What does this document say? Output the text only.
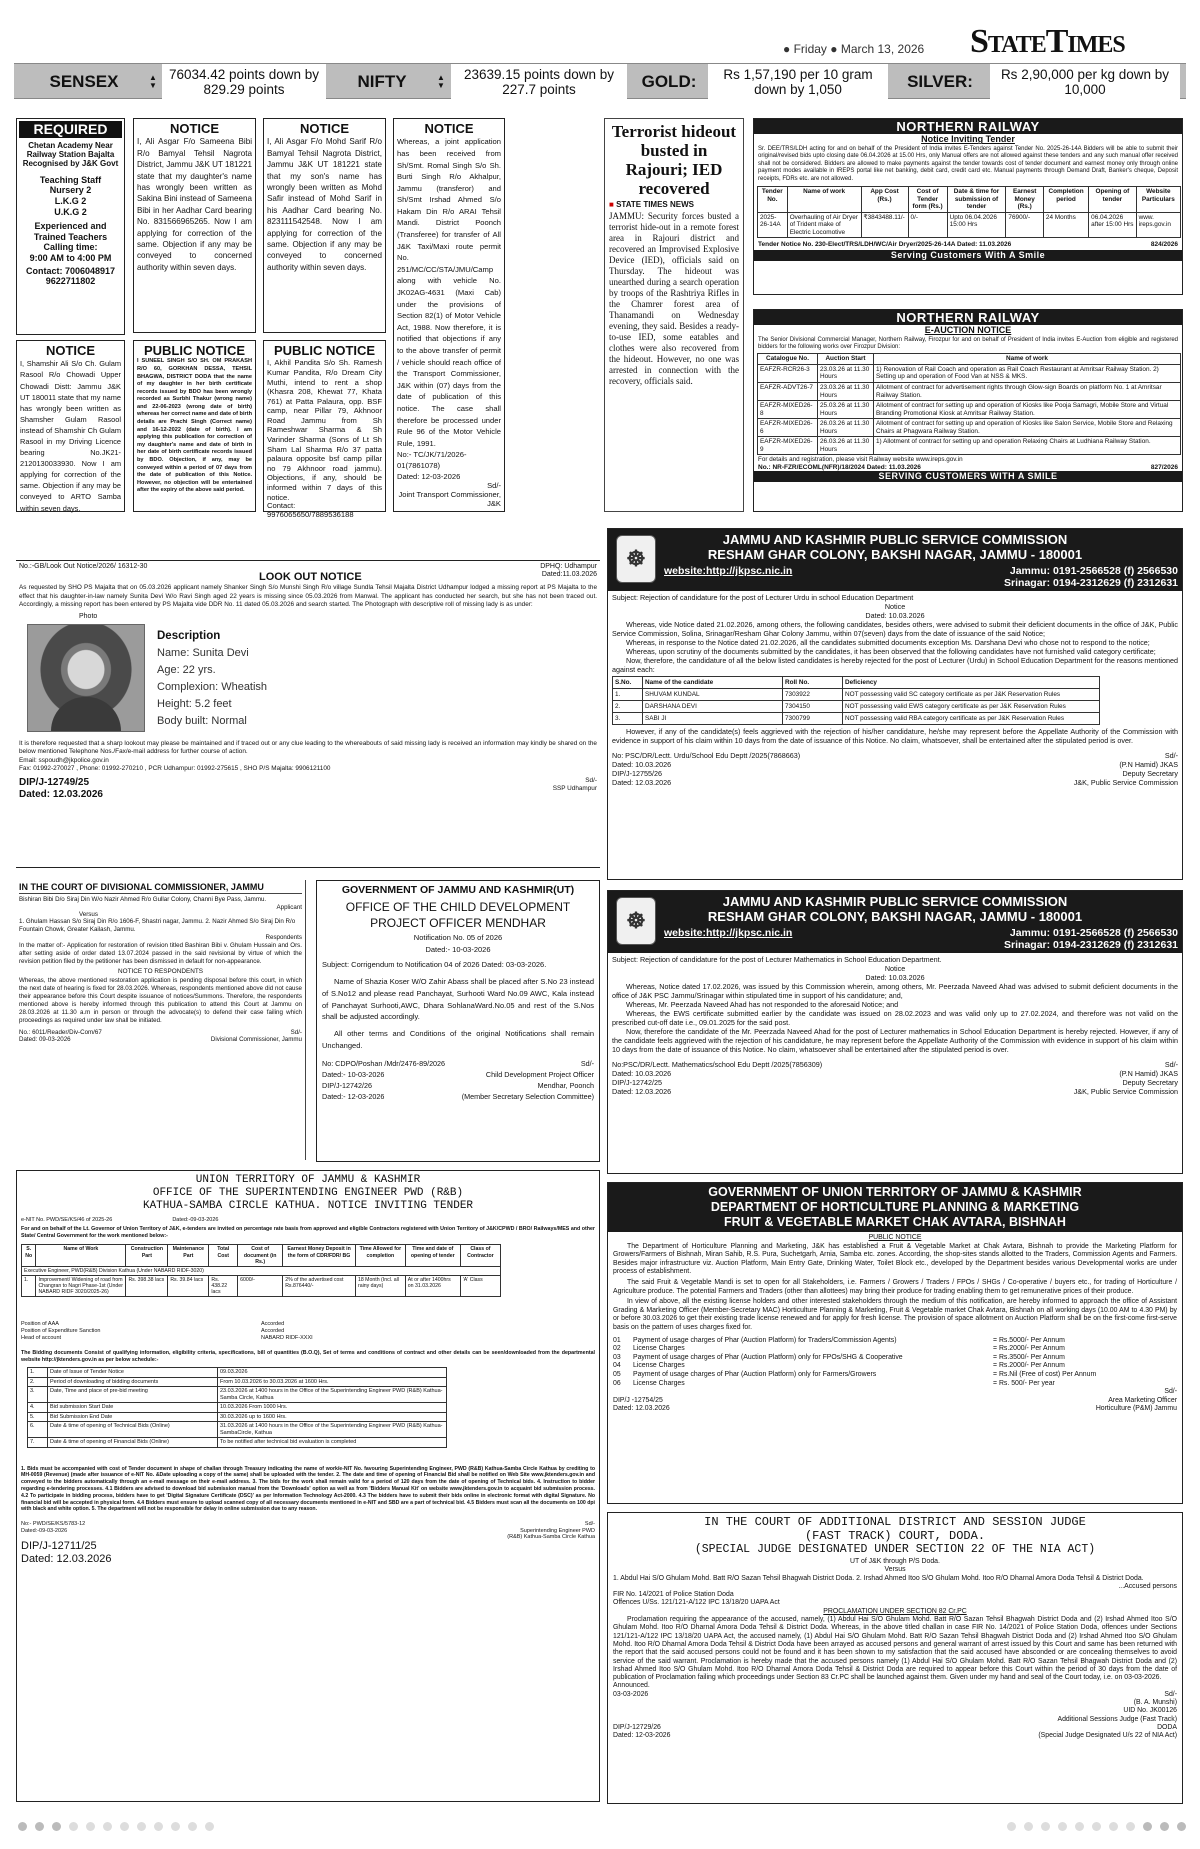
● Friday ● March 13, 2026	StateTimes
SENSEX	▲
▼
76034.42 points down by 829.29 points	NIFTY	▲
▼
23639.15 points down by 227.7 points	GOLD:	Rs 1,57,190 per 10 gram down by 1,050	SILVER:	Rs 2,90,000 per kg down by 10,000
REQUIRED
Chetan Academy Near Railway Station Bajalta Recognised by J&K Govt
Teaching Staff
Nursery 2
L.K.G 2
U.K.G 2
Experienced and Trained Teachers
Calling time:
9:00 AM to 4:00 PM
Contact: 7006048917
9622711802
NOTICE

I, Ali Asgar F/o Sameena Bibi R/o Bamyal Tehsil Nagrota District, Jammu J&K UT 181221 state that my daughter's name has wrongly been written as Sakina Bini instead of Sameena Bibi in her Aadhar Card bearing No. 831566965265. Now I am applying for correction of the same. Objection if any may be conveyed to concerned authority within seven days.

NOTICE

I, Ali Asgar F/o Mohd Sarif R/o Bamyal Tehsil Nagrota District, Jammu J&K UT 181221 state that my son's name has wrongly been written as Mohd Safir instead of Mohd Sarif in his Aadhar Card bearing No. 823111542548. Now I am applying for correction of the same. Objection if any may be conveyed to concerned authority within seven days.

NOTICE

Whereas, a joint application has been received from Sh/Smt. Romal Singh S/o Sh. Burti Singh R/o Akhalpur, Jammu (transferor) and Sh/Smt Irshad Ahmed S/o Hakam Din R/o ARAI Tehsil Mandi. District Poonch (Transferee) for transfer of All J&K Taxi/Maxi route permit No. 251/MC/CC/STA/JMU/Camp along with vehicle No. JK02AG-4631 (Maxi Cab) under the provisions of Section 82(1) of Motor Vehicle Act, 1988. Now therefore, it is notified that objections if any to the above transfer of permit / vehicle should reach office of the Transport Commissioner, J&K within (07) days from the date of publication of this notice. The case shall therefore be processed under Rule 96 of the Motor Vehicle Rule, 1991.

No:- TC/JK/71/2026-01(7861078)

Dated: 12-03-2026

Sd/-

Joint Transport Commissioner, J&K

NOTICE

I, Shamshir Ali S/o Ch. Gulam Rasool R/o Chowadi Upper Chowadi Distt: Jammu J&K UT 180011 state that my name has wrongly been written as Shamsher Gulam Rasool instead of Shamshir Ch Gulam Rasool in my Driving Licence bearing No.JK21-2120130033930. Now I am applying for correction of the same. Objection if any may be conveyed to ARTO Samba within seven days.

PUBLIC NOTICE

I SUNEEL SINGH S/O SH. OM PRAKASH R/O 60, GORKHAN DESSA, TEHSIL BHAGWA, DISTRICT DODA that the name of my daughter in her birth certificate records issued by BDO has been wrongly recorded as Surbhi Thakur (wrong name) and 22-06-2023 (wrong date of birth) whereas her correct name and date of birth details are Prachi Singh (Correct name) and 16-12-2022 (date of birth). I am applying this publication for correction of my daughter's name and date of birth in her date of birth certificate records issued by BDO. Objection, if any, may be conveyed within a period of 07 days from the date of publication of this Notice. However, no objection will be entertained after the expiry of the above said period.

PUBLIC NOTICE

I, Akhil Pandita S/o Sh. Ramesh Kumar Pandita, R/o Dream City Muthi, intend to rent a shop (Khasra 208, Khewat 77, Khata 761) at Patta Palaura, opp. BSF camp, near Pillar 79, Akhnoor Road Jammu from Sh Rameshwar Sharma & Sh Varinder Sharma (Sons of Lt Sh Sham Lal Sharma R/o 37 patta palaura opposite bsf camp pillar no 79 Akhnoor road jammu). Objections, if any, should be informed within 7 days of this notice.

Contact:

9976065650/7889536188

Terrorist hideout busted in Rajouri; IED recovered
■ STATE TIMES NEWS

JAMMU: Security forces busted a terrorist hide-out in a remote forest area in Rajouri district and recovered an Improvised Explosive Device (IED), officials said on Thursday. The hideout was unearthed during a search operation by troops of the Rashtriya Rifles in the Chamrer forest area of Thanamandi on Wednesday evening, they said. Besides a ready-to-use IED, some eatables and clothes were also recovered from the hideout. However, no one was arrested in connection with the recovery, officials said.

NORTHERN RAILWAY
Notice Inviting Tender

Sr. DEE/TRS/LDH acting for and on behalf of the President of India invites E-Tenders against Tender No. 2025-26-14A Bidders will be able to submit their original/revised bids upto closing date 06.04.2026 at 15.00 Hrs, only Manual offers are not allowed against these tenders and any such manual offer received shall not be considered. Bidders are allowed to make payments against the tender towards cost of tender document and earnest money only through online payment modes available in IREPS portal like net banking, debit card, credit card etc. Manual payments through Demand Draft, Banker's cheque, Deposit receipts, FDRs etc. are not allowed.

Tender No.	Name of work	App Cost (Rs.)	Cost of Tender form (Rs.)	Date & time for submission of tender	Earnest Money (Rs.)	Completion period	Opening of tender	Website Particulars
2025-26-14A	Overhauling of Air Dryer of Trident make of Electric Locomotive	₹3843488.11/-	0/-	Upto 06.04.2026 15:00 Hrs	76900/-	24 Months	06.04.2026 after 15:00 Hrs	www. ireps.gov.in
Tender Notice No. 230-Elect/TRS/LDH/WC/Air Dryer/2025-26-14A Dated: 11.03.2026	824/2026
Serving Customers With A Smile
NORTHERN RAILWAY
E-AUCTION NOTICE

The Senior Divisional Commercial Manager, Northern Railway, Firozpur for and on behalf of President of India invites E-Auction from eligible and registered bidders for the following works over Firozpur Division:

Catalogue No.	Auction Start	Name of work
EAFZR-RCR26-3	23.03.26 at 11.30 Hours	1) Renovation of Rail Coach and operation as Rail Coach Restaurant at Amritsar Railway Station. 2) Setting up and operation of Food Van at NSS & MKS.
EAFZR-ADVT26-7	23.03.26 at 11.30 Hours	Allotment of contract for advertisement rights through Glow-sign Boards on platform No. 1 at Amritsar Railway Station.
EAFZR-MIXED26-8	25.03.26 at 11.30 Hours	Allotment of contract for setting up and operation of Kiosks like Pooja Samagri, Mobile Store and Virtual Branding Promotional Kiosk at Amritsar Railway Station.
EAFZR-MIXED26-6	26.03.26 at 11.30 Hours	Allotment of contract for setting up and operation of Kiosks like Salon Service, Mobile Store and Relaxing Chairs at Phagwara Railway Station.
EAFZR-MIXED26-9	26.03.26 at 11.30 Hours	1) Allotment of contract for setting up and operation Relaxing Chairs at Ludhiana Railway Station.
For details and registration, please visit Railway website www.ireps.gov.in
No.: NR-FZR/ECOML(NFR)/18/2024 Dated: 11.03.2026	827/2026
SERVING CUSTOMERS WITH A SMILE
No.:-GB/Look Out Notice/2026/ 16312-30	DPHQ: Udhampur
LOOK OUT NOTICE	Dated:11.03.2026

As requested by SHO PS Majalta that on 05.03.2026 applicant namely Shanker Singh S/o Munshi Singh R/o village Sundla Tehsil Majalta District Udhampur lodged a missing report at PS Majalta to the effect that his daughter-in-law namely Sunita Devi W/o Ravi Singh aged 22 years is missing since 05.03.2026 from Manwal. The applicant has conducted her search, but she has not been traced out. Accordingly, a missing report has been entered by PS Majalta vide DDR No. 11 dated 05.03.2026 and search started. The Photograph with descriptive roll of missing lady is as under:

Photo
Description
Name: Sunita Devi
Age: 22 yrs.
Complexion: Wheatish
Height: 5.2 feet
Body built: Normal

It is therefore requested that a sharp lookout may please be maintained and if traced out or any clue leading to the whereabouts of said missing lady is received an information may kindly be shared on the below mentioned Telephone Nos./Fax/e-mail address for further course of action.

Email: sspoudh@jkpolice.gov.in

Fax: 01992-270027 , Phone: 01992-270210 , PCR Udhampur: 01992-275615 , SHO P/S Majalta: 9906121100

DIP/J-12749/25
Dated: 12.03.2026
Sd/-
SSP Udhampur
IN THE COURT OF DIVISIONAL COMMISSIONER, JAMMU

Bishiran Bibi D/o Siraj Din W/o Nazir Ahmed R/o Gullar Colony, Channi Bye Pass, Jammu.

Applicant

Versus

1. Ghulam Hassan S/o Siraj Din R/o 1606-F, Shastri nagar, Jammu. 2. Nazir Ahmed S/o Siraj Din R/o Fountain Chowk, Greater Kailash, Jammu.

Respondents

In the matter of:- Application for restoration of revision titled Bashiran Bibi v. Ghulam Hussain and Ors. after setting aside of order dated 13.07.2024 passed in the said revisional by virtue of which the revision petition filed by the petitioner has been dismissed in default for non-appearance.

NOTICE TO RESPONDENTS

Whereas, the above mentioned restoration application is pending disposal before this court, in which the next date of hearing is fixed for 28.03.2026. Whereas, respondents mentioned above did not cause their appearance before this Court despite issuance of notices/Summons. Therefore, the respondents mentioned above is hereby informed through this publication to attend this Court at Jammu on 28.03.2026 at 11.30 a.m in person or through the advocate(s) to defend their case failing which proceedings as required under law shall be initiated.

No.: 6011/Reader/Div-Com/67
Dated: 09-03-2026
Sd/-
Divisional Commissioner, Jammu
GOVERNMENT OF JAMMU AND KASHMIR(UT)
OFFICE OF THE CHILD DEVELOPMENT PROJECT OFFICER MENDHAR
Notification No. 05 of 2026
Dated:- 10-03-2026

Subject: Corrigendum to Notification 04 of 2026 Dated: 03-03-2026.

Name of Shazia Koser W/O Zahir Abass shall be placed after S.No 23 instead of S.No12 and please read Panchayat, Surhooti Ward No.09 AWC, Kala instead of Panchayat Surhooti,AWC, Dhara SohlanaWard.No.05 and rest of the S.Nos shall be adjusted accordingly.

All other terms and Conditions of the original Notifications shall remain Unchanged.

No: CDPO/Poshan /Mdr/2476-89/2026	Sd/-
Dated:- 10-03-2026	Child Development Project Officer
DIP/J-12742/26	Mendhar, Poonch
Dated:- 12-03-2026	(Member Secretary Selection Committee)
UNION TERRITORY OF JAMMU & KASHMIR
OFFICE OF THE SUPERINTENDING ENGINEER PWD (R&B)
KATHUA-SAMBA CIRCLE KATHUA. NOTICE INVITING TENDER
e-NIT No. PWD/SE/KS/46 of 2025-26	Dated:-09-03-2026

For and on behalf of the Lt. Governor of Union Territory of J&K, e-tenders are invited on percentage rate basis from approved and eligible Contractors registered with Union Territory of J&K/CPWD / BRO/ Railways/MES and other State/ Central Government for the work mentioned below:-

S. No	Name of Work	Construction Part	Maintenance Part	Total Cost	Cost of document (in Rs.)	Earnest Money Deposit in the form of CDR/FDR/ BG	Time Allowed for completion	Time and date of opening of tender	Class of Contractor
Executive Engineer, PWD(R&B) Division Kathua (Under NABARD RIDF-3020)									
1.	Improvement/ Widening of road from Changran to Nagri Phase-1st (Under NABARD RIDF 3020/2025-26)	Rs. 398.38 lacs	Rs. 39.84 lacs	Rs. 438.22 lacs	6000/-	2% of the advertised cost Rs.876440/-	18 Month (Incl. all rainy days)	At or after 1400hrs on 31.03.2026	'A' Class
Position of AAA	Accorded
Position of Expenditure Sanction	Accorded
Head of account	NABARD RIDF-XXXI

The Bidding documents Consist of qualifying information, eligibility criteria, specifications, bill of quantities (B.O.Q), Set of terms and conditions of contract and other details can be seen/downloaded from the departmental website http://jktenders.gov.in as per below schedule:-

1.	Date of Issue of Tender Notice	09.03.2026
2.	Period of downloading of bidding documents	From 10.03.2026 to 30.03.2026 at 1600 Hrs.
3.	Date, Time and place of pre-bid meeting	23.03.2026 at 1400 hours in the Office of the Superintending Engineer PWD (R&B) Kathua-Samba Circle, Kathua
4.	Bid submission Start Date	10.03.2026 From 1000 Hrs.
5.	Bid Submission End Date	30.03.2026 up to 1600 Hrs.
6.	Date & time of opening of Technical Bids (Online)	31.03.2026 at 1400 hours in the Office of the Superintending Engineer PWD (R&B) Kathua-SambaCircle, Kathua
7.	Date & time of opening of Financial Bids (Online)	To be notified after technical bid evaluation is completed

1. Bids must be accompanied with cost of Tender document in shape of challan through Treasury indicating the name of work/e-NIT No. favouring Superintending Engineer, PWD (R&B) Kathua-Samba Circle Kathua by crediting to MH-0059 (Revenue) (made after issuance of e-NIT No. &Date uploading a copy of the same) shall be uploaded with the tender. 2. The date and time of opening of Financial Bid shall be notified on Web Site www.jktenders.gov.in and conveyed to the bidders automatically through an e-mail message on their e-mail address. 3. The bids for the work shall remain valid for a period of 120 days from the date of opening of Technical bids. 4. Instruction to bidder regarding e-tendering processes. 4.1 Bidders are advised to download bid submission manual from the 'Downloads' option as well as from 'Bidders Manual Kit' on website www.jktenders.gov.in to acquaint bid submission process. 4.2 To participate in bidding process, bidders have to get 'Digital Signature Certificate (DSC)' as per Information Technology Act-2000. 4.3 The bidders have to submit their bids online in electronic format with digital Signature. No financial bid will be accepted in physical form. 4.4 Bidders must ensure to upload scanned copy of all necessary documents mentioned in e-NIT and SBD are a part of technical bid. 4.5 Bidders must scan all the documents on 100 dpi with black and white option. 5. The department will not be responsible for delay in online submission due to any reason.

No:- PWD/SE/KS/5783-12
Dated:-09-03-2026
DIP/J-12711/25
Dated: 12.03.2026
Sd/-
Superintending Engineer PWD (R&B) Kathua-Samba Circle Kathua
☸
JAMMU AND KASHMIR PUBLIC SERVICE COMMISSION
RESHAM GHAR COLONY, BAKSHI NAGAR, JAMMU - 180001
website:http://jkpsc.nic.in	Jammu: 0191-2566528 (f) 2566530
Srinagar: 0194-2312629 (f) 2312631

Subject: Rejection of candidature for the post of Lecturer Urdu in school Education Department

Notice

Dated: 10.03.2026

Whereas, vide Notice dated 21.02.2026, among others, the following candidates, besides others, were advised to submit their deficient documents in the office of J&K, Public Service Commission, Solina, Srinagar/Resham Ghar Colony Jammu, within 07(seven) days from the date of issuance of the said Notice;

Whereas, in response to the Notice dated 21.02.2026, all the candidates submitted documents exception Ms. Darshana Devi who chose not to respond to the notice;

Whereas, upon scrutiny of the documents submitted by the candidates, it has been observed that the following candidates have not furnished valid category certificate;

Now, therefore, the candidature of all the below listed candidates is hereby rejected for the post of Lecturer (Urdu) in School Education Department for the reasons mentioned against each:

S.No.	Name of the candidate	Roll No.	Deficiency
1.	SHUVAM KUNDAL	7303922	NOT possessing valid SC category certificate as per J&K Reservation Rules
2.	DARSHANA DEVI	7304150	NOT possessing valid EWS category certificate as per J&K Reservation Rules
3.	SABI JI	7300799	NOT possessing valid RBA category certificate as per J&K Reservation Rules

However, if any of the candidate(s) feels aggrieved with the rejection of his/her candidature, he/she may represent before the Appellate Authority of the Commission with evidence in support of his claim within 10 days from the date of issuance of this Notice. No claim, whatsoever, shall be entertained after the stipulated period is over.

No: PSC/DR/Lectt. Urdu/School Edu Deptt /2025(7868663)	Sd/-
Dated: 10.03.2026	(P.N Hamid) JKAS
DIP/J-12755/26	Deputy Secretary
Dated: 12.03.2026	J&K, Public Service Commission
☸
JAMMU AND KASHMIR PUBLIC SERVICE COMMISSION
RESHAM GHAR COLONY, BAKSHI NAGAR, JAMMU - 180001
website:http://jkpsc.nic.in	Jammu: 0191-2566528 (f) 2566530
Srinagar: 0194-2312629 (f) 2312631

Subject: Rejection of candidature for the post of Lecturer Mathematics in School Education Department.

Notice

Dated: 10.03.2026

Whereas, Notice dated 17.02.2026, was issued by this Commission wherein, among others, Mr. Peerzada Naveed Ahad was advised to submit deficient documents in the office of J&K PSC Jammu/Srinagar within stipulated time in support of his candidature; and,

Whereas, Mr. Peerzada Naveed Ahad has not responded to the aforesaid Notice; and

Whereas, the EWS certificate submitted earlier by the candidate was issued on 28.02.2023 and was valid only up to 27.02.2024, and therefore was not valid on the prescribed cut-off date i.e., 09.01.2025 for the said post.

Now, therefore the candidate of the Mr. Peerzada Naveed Ahad for the post of Lecturer mathematics in School Education Department is hereby rejected. However, if any of the candidate feels aggrieved with the rejection of his candidature, he may represent before the Appellate Authority of the Commission with evidence in support of his claim within 10 days from the date of issuance of this Notice. No claim, whatsoever shall be entertained after the stipulated period is over.

No:PSC/DR/Lectt. Mathematics/school Edu Deptt /2025(7856309)	Sd/-
Dated: 10.03.2026	(P.N Hamid) JKAS
DIP/J-12742/25	Deputy Secretary
Dated: 12.03.2026	J&K, Public Service Commission
GOVERNMENT OF UNION TERRITORY OF JAMMU & KASHMIR
DEPARTMENT OF HORTICULTURE PLANNING & MARKETING
FRUIT & VEGETABLE MARKET CHAK AVTARA, BISHNAH

PUBLIC NOTICE

The Department of Horticulture Planning and Marketing, J&K has established a Fruit & Vegetable Market at Chak Avtara, Bishnah to provide the Marketing Platform for Growers/Farmers of Bishnah, Miran Sahib, R.S. Pura, Suchetgarh, Arnia, Samba etc. zones. According, the shop-sites stands allotted to the Traders, Commission Agents and Farmers. Besides major infrastructure viz. Auction Platform, Main Entry Gate, Drinking Water, Toilet Block etc., developed by the Department besides various Developmental works are under process of establishment.

The said Fruit & Vegetable Mandi is set to open for all Stakeholders, i.e. Farmers / Growers / Traders / FPOs / SHGs / Co-operative / buyers etc., for trading of Horticulture / Agriculture produce. The potential Farmers and Traders (other than allottees) may bring their produce for trading enabling them to get remunerative prices of their produce.

In view of above, all the existing license holders and other interested stakeholders through the medium of this notification, are hereby informed to approach the office of Assistant Grading & Marketing Officer (Member-Secretary MAC) Horticulture Planning & Marketing, Fruit & Vegetable market Chak Avtara, Bishnah on all working days (10.00 AM to 4.30 PM) by or before 30.03.2026 to get their existing trade license renewed and for apply for fresh license. The provision of space allotment on Auction Platform shall be on the first-come first-serve basis on the pattern of uses charges fixed for.

01	Payment of usage charges of Phar (Auction Platform) for Traders/Commission Agents)	= Rs.5000/- Per Annum
02	License Charges	= Rs.2000/- Per Annum
03	Payment of usage charges of Phar (Auction Platform) only for FPOs/SHG & Cooperative	= Rs.3500/- Per Annum
04	License Charges	= Rs.2000/- Per Annum
05	Payment of usage charges of Phar (Auction Platform) only for Farmers/Growers	= Rs.Nil (Free of cost) Per Annum
06	License Charges	= Rs. 500/- Per year
Sd/-
DIP/J -12754/25	Area Marketing Officer
Dated: 12.03.2026	Horticulture (P&M) Jammu
IN THE COURT OF ADDITIONAL DISTRICT AND SESSION JUDGE
(FAST TRACK) COURT, DODA.
(SPECIAL JUDGE DESIGNATED UNDER SECTION 22 OF THE NIA ACT)

UT of J&K through P/S Doda.

Versus

1. Abdul Hai S/O Ghulam Mohd. Batt R/O Sazan Tehsil Bhagwah District Doda. 2. Irshad Ahmed Itoo S/O Ghulam Mohd. Itoo R/O Dharnal Amora Doda Tehsil & District Doda.

...Accused persons

FIR No. 14/2021 of Police Station Doda

Offences U/Ss. 121/121-A/122 IPC 13/18/20 UAPA Act

PROCLAMATION UNDER SECTION 82 Cr.PC

Proclamation requiring the appearance of the accused, namely, (1) Abdul Hai S/O Ghulam Mohd. Batt R/O Sazan Tehsil Bhagwah District Doda and (2) Irshad Ahmed Itoo S/O Ghulam Mohd. Itoo R/O Dharnal Amora Doda Tehsil & District Doda. Whereas, in the above titled challan in case FIR No. 14/2021 of Police Station Doda, offences under Sections 121/121-A/122 IPC 13/18/20 UAPA Act, the accused namely, (1) Abdul Hai S/O Ghulam Mohd. Batt R/O Sazan Tehsil Bhagwah District Doda and (2) Irshad Ahmed Itoo S/O Ghulam Mohd. Itoo R/O Dharnal Amora Doda Tehsil & District Doda have been arrayed as accused persons and general warrant of arrest issued by this Court and same has been returned with the report that the said accused persons could not be found and it has been shown to my satisfaction that the said accused have absconded or are concealing themselves to avoid service of the said warrant. Proclamation is hereby made that the accused persons namely (1) Abdul Hai S/O Ghulam Mohd. Batt R/O Sazan Tehsil Bhagwah District Doda and (2) Irshad Ahmed Itoo S/O Ghulam Mohd. Itoo R/O Dharnal Amora Doda Tehsil & District Doda are required to appear before this Court within the period of 30 days from the date of publication of Proclamation failing which proceedings under Section 83 Cr.PC shall be launched against them. Given under my hand and seal of the Court today, i.e. on 03-03-2026.

Announced.

03-03-2026	Sd/-
(B. A. Munshi)
UID No. JK00126
Additional Sessions Judge (Fast Track)
DIP/J-12729/26	DODA
Dated: 12-03-2026	(Special Judge Designated U/s 22 of NIA Act)
